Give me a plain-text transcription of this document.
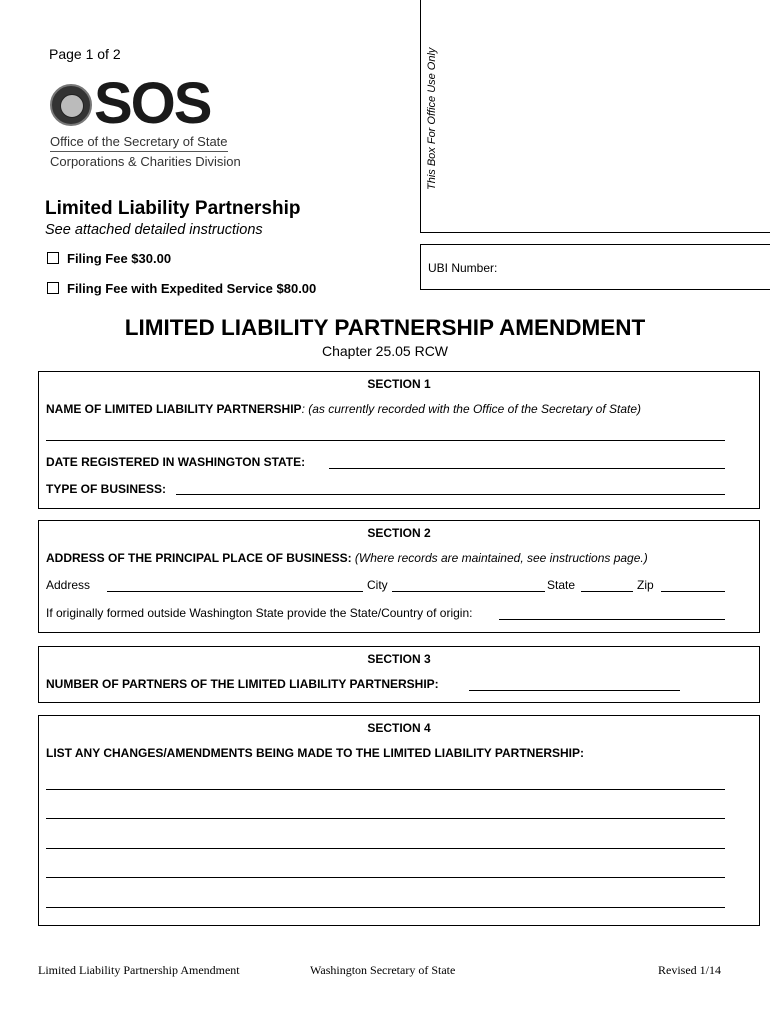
Page 1 of 2
SOS
Office of the Secretary of State
Corporations & Charities Division	This Box For Office Use Only
UBI Number:
Limited Liability Partnership
See attached detailed instructions
Filing Fee $30.00
Filing Fee with Expedited Service $80.00
LIMITED LIABILITY PARTNERSHIP AMENDMENT
Chapter 25.05 RCW
SECTION 1
NAME OF LIMITED LIABILITY PARTNERSHIP: (as currently recorded with the Office of the Secretary of State)
DATE REGISTERED IN WASHINGTON STATE:
TYPE OF BUSINESS:
SECTION 2
ADDRESS OF THE PRINCIPAL PLACE OF BUSINESS: (Where records are maintained, see instructions page.)
Address	City	State	Zip
If originally formed outside Washington State provide the State/Country of origin:
SECTION 3
NUMBER OF PARTNERS OF THE LIMITED LIABILITY PARTNERSHIP:
SECTION 4
LIST ANY CHANGES/AMENDMENTS BEING MADE TO THE LIMITED LIABILITY PARTNERSHIP:
Limited Liability Partnership Amendment	Washington Secretary of State	Revised 1/14
